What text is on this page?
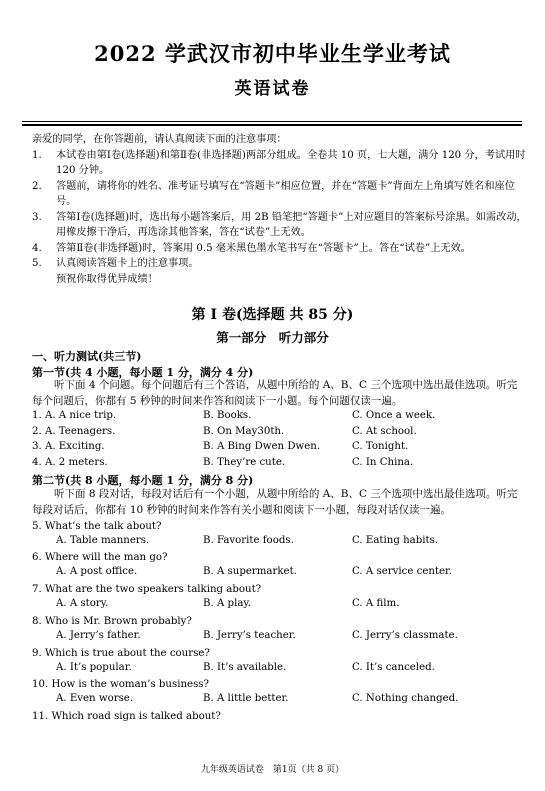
2022 学武汉市初中毕业生学业考试
英语试卷

亲爱的同学，在你答题前，请认真阅读下面的注意事项：

1. 本试卷由第Ⅰ卷(选择题)和第Ⅱ卷(非选择题)两部分组成。全卷共 10 页，七大题，满分 120 分，考试用时 120 分钟。
2. 答题前，请将你的姓名、准考证号填写在“答题卡”相应位置，并在“答题卡”背面左上角填写姓名和座位号。
3. 答第Ⅰ卷(选择题)时，选出每小题答案后，用 2B 铅笔把“答题卡”上对应题目的答案标号涂黑。如需改动，用橡皮擦干净后，再选涂其他答案，答在“试卷”上无效。
4. 答第Ⅱ卷(非选择题)时，答案用 0.5 毫米黑色墨水笔书写在“答题卡”上。答在“试卷”上无效。
5. 认真阅读答题卡上的注意事项。
预祝你取得优异成绩！
第 I 卷(选择题 共 85 分)
第一部分　听力部分
一、听力测试(共三节)
第一节(共 4 小题，每小题 1 分，满分 4 分)
听下面 4 个问题。每个问题后有三个答语，从题中所给的 A、B、C 三个选项中选出最佳选项。听完每个问题后，你都有 5 秒钟的时间来作答和阅读下一小题。每个问题仅读一遍。
1. A. A nice trip.	B. Books.	C. Once a week.
2. A. Teenagers.	B. On May30th.	C. At school.
3. A. Exciting.	B. A Bing Dwen Dwen.	C. Tonight.
4. A. 2 meters.	B. They’re cute.	C. In China.
第二节(共 8 小题，每小题 1 分，满分 8 分)
听下面 8 段对话，每段对话后有一个小题，从题中所给的 A、B、C 三个选项中选出最佳选项。听完每段对话后，你都有 10 秒钟的时间来作答有关小题和阅读下一小题，每段对话仅读一遍。
5. What’s the talk about?
A. Table manners.	B. Favorite foods.	C. Eating habits.
6. Where will the man go?
A. A post office.	B. A supermarket.	C. A service center.
7. What are the two speakers talking about?
A. A story.	B. A play.	C. A film.
8. Who is Mr. Brown probably?
A. Jerry’s father.	B. Jerry’s teacher.	C. Jerry’s classmate.
9. Which is true about the course?
A. It’s popular.	B. It’s available.	C. It’s canceled.
10. How is the woman’s business?
A. Even worse.	B. A little better.	C. Nothing changed.
11. Which road sign is talked about?
九年级英语试卷　第1页（共 8 页）
